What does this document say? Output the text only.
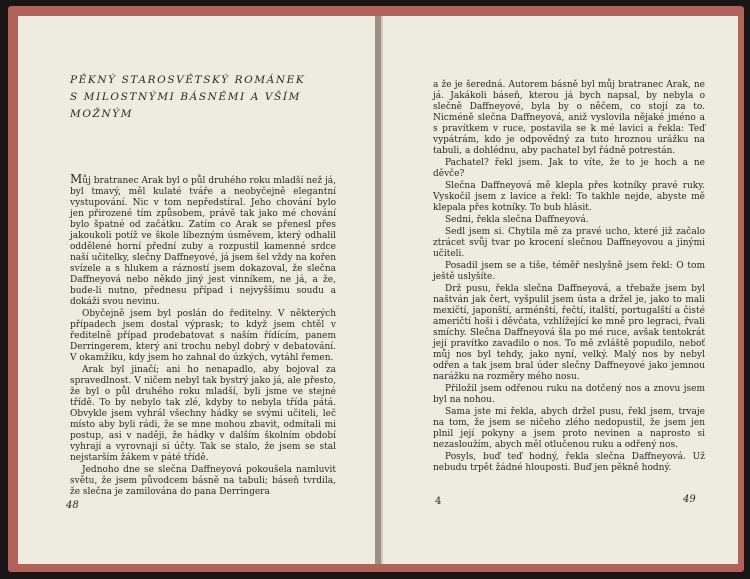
PĚKNÝ STAROSVĚTSKÝ ROMÁNEK
S MILOSTNÝMI BÁSNĚMI A VŠÍM
MOŽNÝM

Můj bratranec Arak byl o půl druhého roku mladší než já, byl tmavý, měl kulaté tváře a neobyčejně elegantní vystupování. Nic v tom nepředstíral. Jeho chování bylo jen přirozené tím způsobem, právě tak jako mé chování bylo špatné od začátku. Zatím co Arak se přenesl přes jakoukoli potíž ve škole líbezným úsměvem, který odhalil oddělené horní přední zuby a rozpustil kamenné srdce naší učitelky, slečny Daffneyové, já jsem šel vždy na kořen svízele a s hlukem a rázností jsem dokazoval, že slečna Daffneyová nebo někdo jiný jest vinníkem, ne já, a že, bude-li nutno, přednesu případ i nejvyššímu soudu a dokáži svou nevinu.

Obyčejně jsem byl poslán do ředitelny. V některých případech jsem dostal výprask; to když jsem chtěl v ředitelně případ prodebatovat s naším řídícím, panem Derringerem, který ani trochu nebyl dobrý v debatování. V okamžiku, kdy jsem ho zahnal do úzkých, vytáhl řemen.

Arak byl jinačí; ani ho nenapadlo, aby bojoval za spravedlnost. V ničem nebyl tak bystrý jako já, ale přesto, že byl o půl druhého roku mladší, byli jsme ve stejné třídě. To by nebylo tak zlé, kdyby to nebyla třída pátá. Obvykle jsem vyhrál všechny hádky se svými učiteli, leč místo aby byli rádi, že se mne mohou zbavit, odmítali mi postup, asi v naději, že hádky v dalším školním období vyhrají a vyrovnají si účty. Tak se stalo, že jsem se stal nejstarším žákem v páté třídě.

Jednoho dne se slečna Daffneyová pokoušela namluvit světu, že jsem původcem básně na tabuli; báseň tvrdila, že slečna je zamilována do pana Derringera

48

a že je šeredná. Autorem básně byl můj bratranec Arak, ne já. Jakákoli báseň, kterou já bych napsal, by nebyla o slečně Daffneyové, byla by o něčem, co stojí za to. Nicméně slečna Daffneyová, aniž vyslovila nějaké jméno a s pravítkem v ruce, postavila se k mé lavici a řekla: Teď vypátrám, kdo je odpovědný za tuto hroznou urážku na tabuli, a dohlédnu, aby pachatel byl řádně potrestán.

Pachatel? řekl jsem. Jak to víte, že to je hoch a ne děvče?

Slečna Daffneyová mě klepla přes kotníky pravé ruky. Vyskočil jsem z lavice a řekl: To takhle nejde, abyste mě klepala přes kotníky. To bub hlásit.

Sedni, řekla slečna Daffneyová.

Sedl jsem si. Chytila mě za pravé ucho, které již začalo ztrácet svůj tvar po krocení slečnou Daffneyovou a jinými učiteli.

Posadil jsem se a tiše, téměř neslyšně jsem řekl: O tom ještě uslyšíte.

Drž pusu, řekla slečna Daffneyová, a třebaže jsem byl naštván jak čert, vyšpulil jsem ústa a držel je, jako to mali mexičtí, japonští, arménští, řečtí, italští, portugalští a čisté američtí hoši i děvčata, vzhlížející ke mně pro legraci, řvali smíchy. Slečna Daffneyová šla po mé ruce, avšak tentokrát její pravítko zavadilo o nos. To mě zvláště popudilo, neboť můj nos byl tehdy, jako nyní, velký. Malý nos by nebyl odřen a tak jsem bral úder slečny Daffneyové jako jemnou narážku na rozměry mého nosu.

Přiložil jsem odřenou ruku na dotčený nos a znovu jsem byl na nohou.

Sama jste mi řekla, abych držel pusu, řekl jsem, trvaje na tom, že jsem se ničeho zlého nedopustil, že jsem jen plnil její pokyny a jsem proto nevinen a naprosto si nezasloužím, abych měl otlučenou ruku a odřený nos.

Posyls, buď teď hodný, řekla slečna Daffneyová. Už nebudu trpět žádné hlouposti. Buď jen pěkně hodný.

4	49
